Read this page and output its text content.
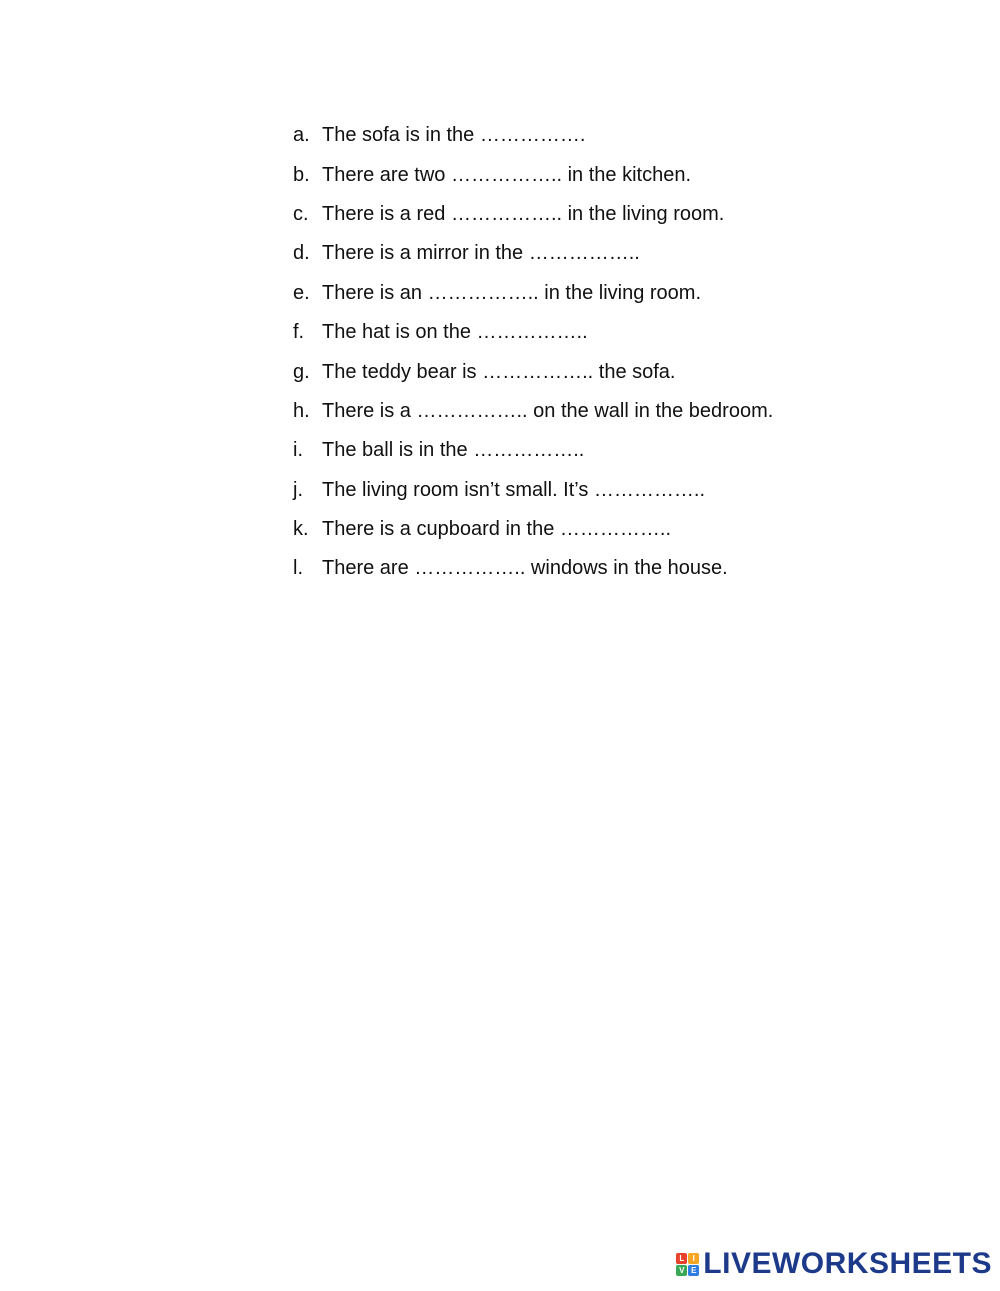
a. The sofa is in the …………….
b. There are two …………….. in the kitchen.
c. There is a red …………….. in the living room.
d. There is a mirror in the ……………..
e. There is an …………….. in the living room.
f. The hat is on the ……………..
g. The teddy bear is …………….. the sofa.
h. There is a …………….. on the wall in the bedroom.
i. The ball is in the ……………..
j. The living room isn’t small. It’s ……………..
k. There is a cupboard in the ……………..
l. There are …………….. windows in the house.
L	I
V E LIVEWORKSHEETS
